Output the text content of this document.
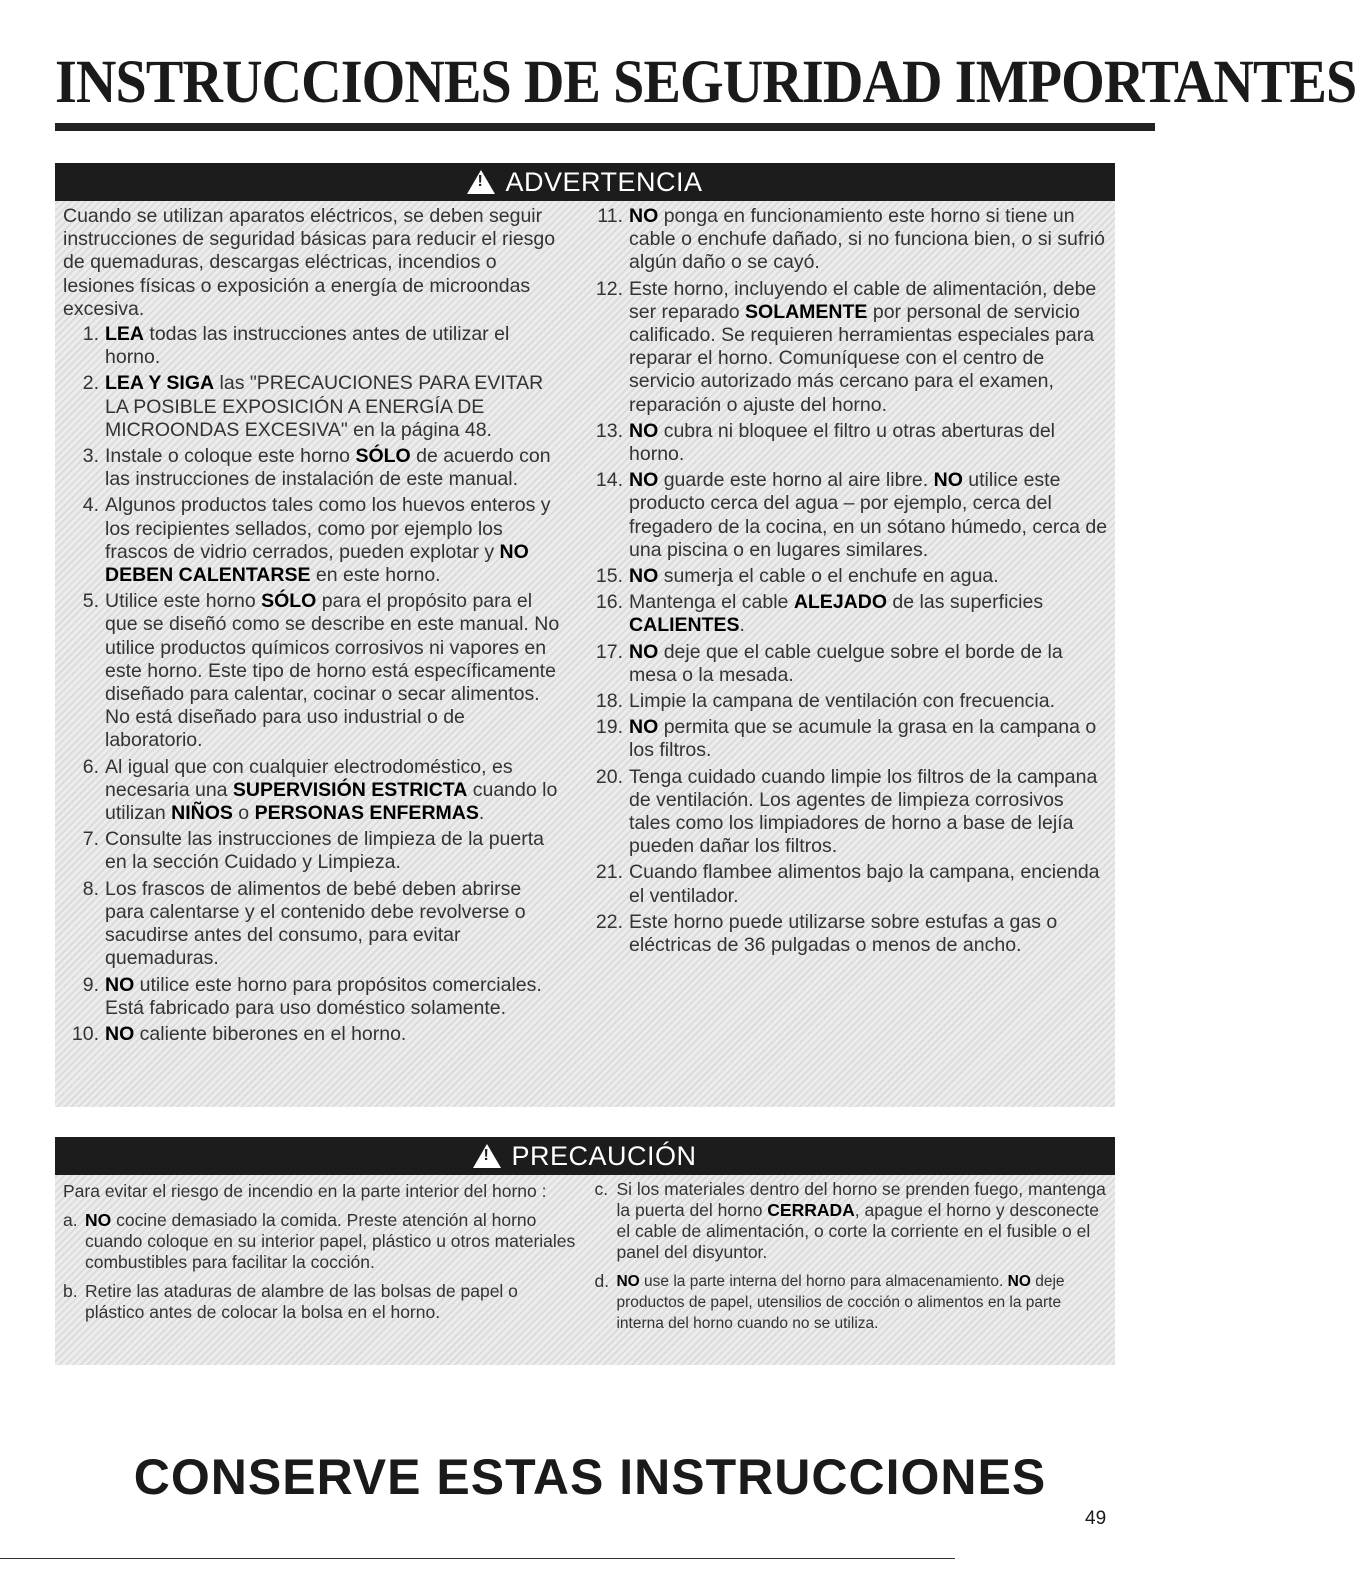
INSTRUCCIONES DE SEGURIDAD IMPORTANTES
!
ADVERTENCIA

Cuando se utilizan aparatos eléctricos, se deben seguir instrucciones de seguridad básicas para reducir el riesgo de quemaduras, descargas eléctricas, incendios o lesiones físicas o exposición a energía de microondas excesiva.

1. LEA todas las instrucciones antes de utilizar el horno.
2. LEA Y SIGA las "PRECAUCIONES PARA EVITAR LA POSIBLE EXPOSICIÓN A ENERGÍA DE MICROONDAS EXCESIVA" en la página 48.
3. Instale o coloque este horno SÓLO de acuerdo con las instrucciones de instalación de este manual.
4. Algunos productos tales como los huevos enteros y los recipientes sellados, como por ejemplo los frascos de vidrio cerrados, pueden explotar y NO DEBEN CALENTARSE en este horno.
5. Utilice este horno SÓLO para el propósito para el que se diseñó como se describe en este manual. No utilice productos químicos corrosivos ni vapores en este horno. Este tipo de horno está específicamente diseñado para calentar, cocinar o secar alimentos. No está diseñado para uso industrial o de laboratorio.
6. Al igual que con cualquier electrodoméstico, es necesaria una SUPERVISIÓN ESTRICTA cuando lo utilizan NIÑOS o PERSONAS ENFERMAS.
7. Consulte las instrucciones de limpieza de la puerta en la sección Cuidado y Limpieza.
8. Los frascos de alimentos de bebé deben abrirse para calentarse y el contenido debe revolverse o sacudirse antes del consumo, para evitar quemaduras.
9. NO utilice este horno para propósitos comerciales. Está fabricado para uso doméstico solamente.
10. NO caliente biberones en el horno.
11. NO ponga en funcionamiento este horno si tiene un cable o enchufe dañado, si no funciona bien, o si sufrió algún daño o se cayó.
12. Este horno, incluyendo el cable de alimentación, debe ser reparado SOLAMENTE por personal de servicio calificado. Se requieren herramientas especiales para reparar el horno. Comuníquese con el centro de servicio autorizado más cercano para el examen, reparación o ajuste del horno.
13. NO cubra ni bloquee el filtro u otras aberturas del horno.
14. NO guarde este horno al aire libre. NO utilice este producto cerca del agua – por ejemplo, cerca del fregadero de la cocina, en un sótano húmedo, cerca de una piscina o en lugares similares.
15. NO sumerja el cable o el enchufe en agua.
16. Mantenga el cable ALEJADO de las superficies CALIENTES.
17. NO deje que el cable cuelgue sobre el borde de la mesa o la mesada.
18. Limpie la campana de ventilación con frecuencia.
19. NO permita que se acumule la grasa en la campana o los filtros.
20. Tenga cuidado cuando limpie los filtros de la campana de ventilación. Los agentes de limpieza corrosivos tales como los limpiadores de horno a base de lejía pueden dañar los filtros.
21. Cuando flambee alimentos bajo la campana, encienda el ventilador.
22. Este horno puede utilizarse sobre estufas a gas o eléctricas de 36 pulgadas o menos de ancho.
!
PRECAUCIÓN

Para evitar el riesgo de incendio en la parte interior del horno :

a. NO cocine demasiado la comida. Preste atención al horno cuando coloque en su interior papel, plástico u otros materiales combustibles para facilitar la cocción.
b. Retire las ataduras de alambre de las bolsas de papel o plástico antes de colocar la bolsa en el horno.
c. Si los materiales dentro del horno se prenden fuego, mantenga la puerta del horno CERRADA, apague el horno y desconecte el cable de alimentación, o corte la corriente en el fusible o el panel del disyuntor.
d. NO use la parte interna del horno para almacenamiento. NO deje productos de papel, utensilios de cocción o alimentos en la parte interna del horno cuando no se utiliza.
CONSERVE ESTAS INSTRUCCIONES
49
